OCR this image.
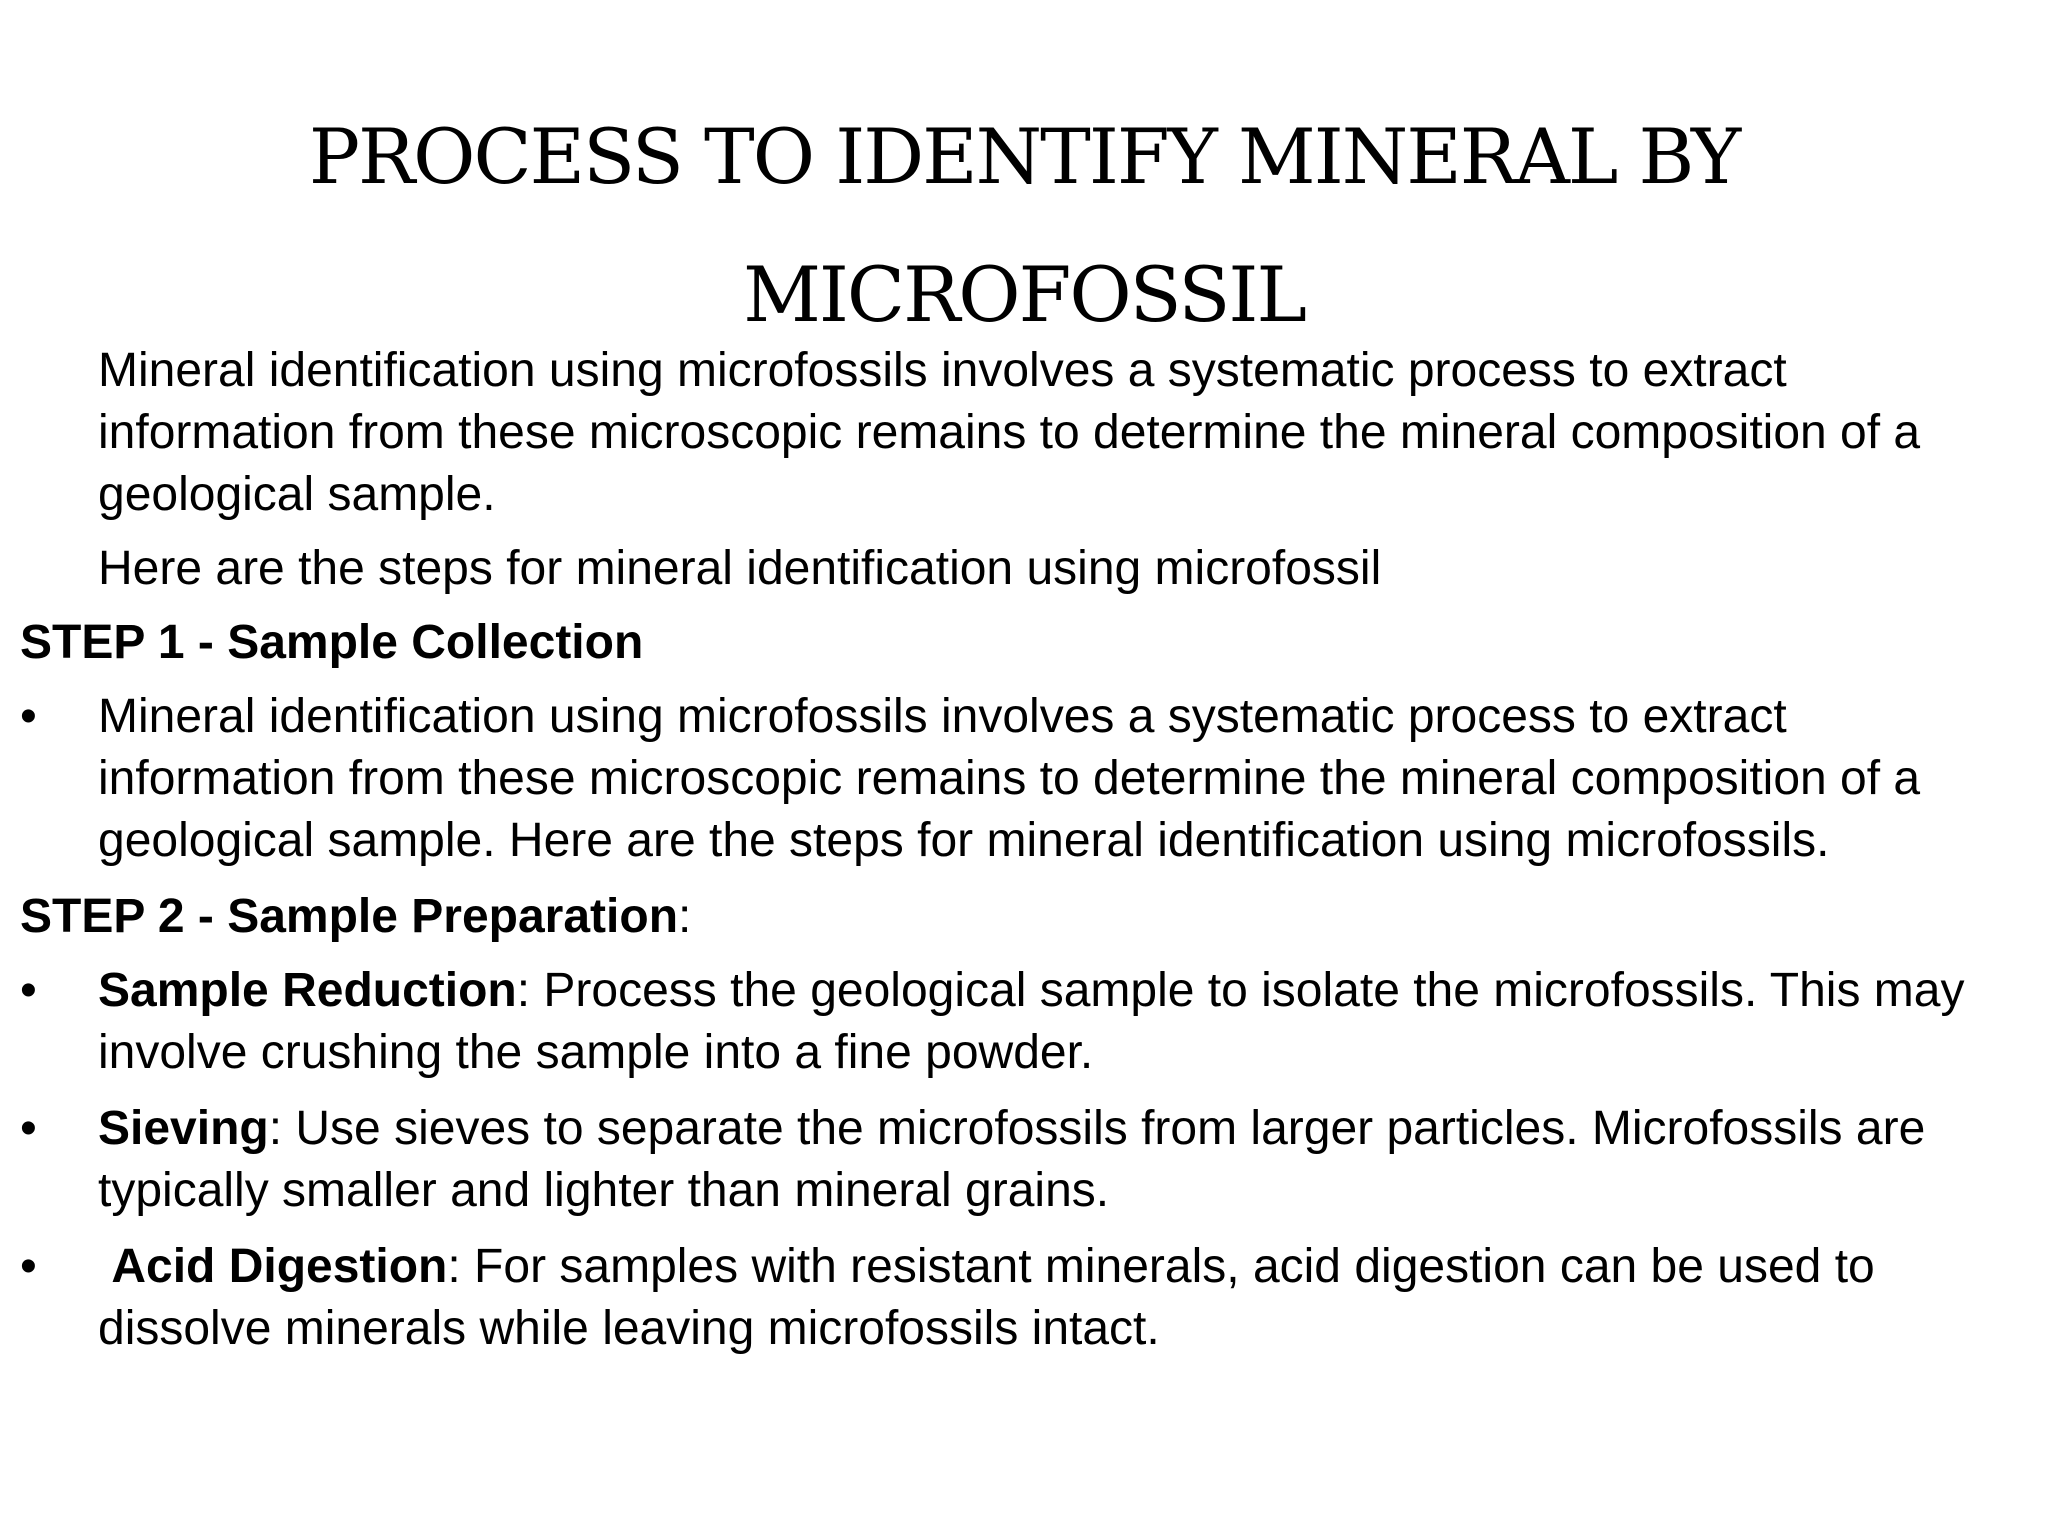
PROCESS TO IDENTIFY MINERAL BY
MICROFOSSIL

Mineral identification using microfossils involves a systematic process to extract information from these microscopic remains to determine the mineral composition of a geological sample.

Here are the steps for mineral identification using microfossil

STEP 1 - Sample Collection

• Mineral identification using microfossils involves a systematic process to extract information from these microscopic remains to determine the mineral composition of a geological sample. Here are the steps for mineral identification using microfossils.

STEP 2 - Sample Preparation:

• Sample Reduction: Process the geological sample to isolate the microfossils. This may involve crushing the sample into a fine powder.
• Sieving: Use sieves to separate the microfossils from larger particles. Microfossils are typically smaller and lighter than mineral grains.
• Acid Digestion: For samples with resistant minerals, acid digestion can be used to dissolve minerals while leaving microfossils intact.
